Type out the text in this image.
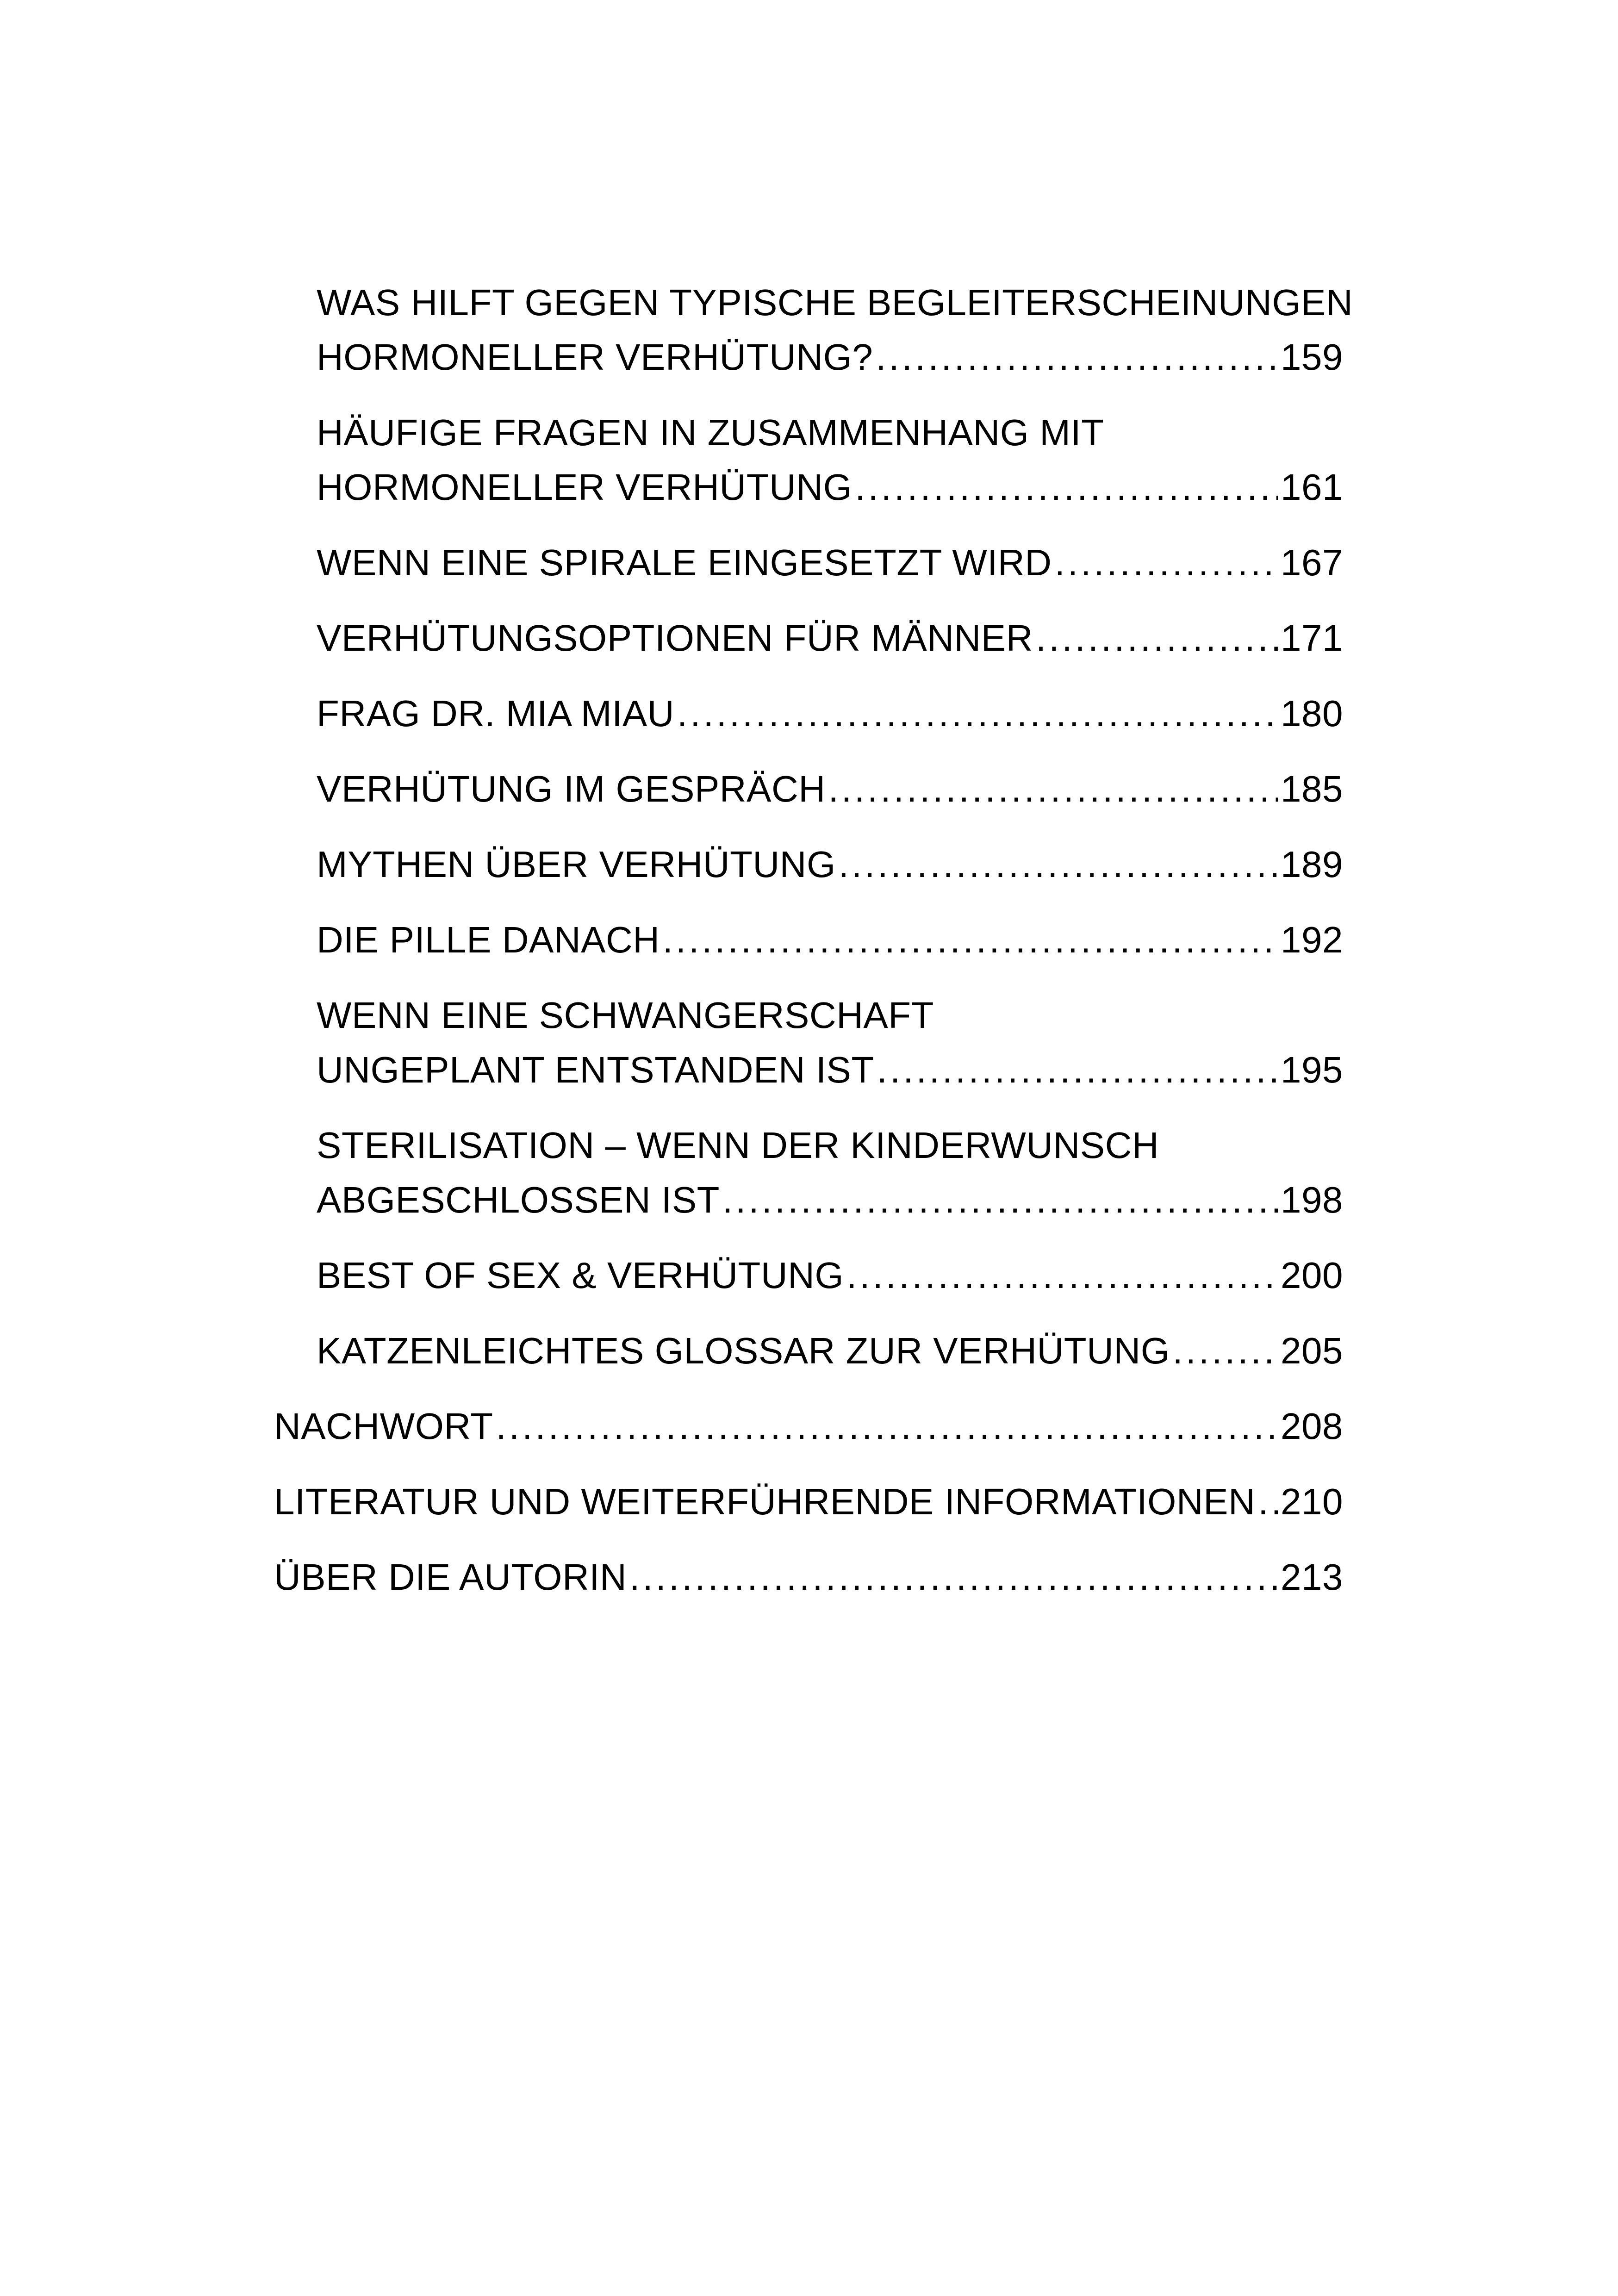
WAS HILFT GEGEN TYPISCHE BEGLEITERSCHEINUNGEN
HORMONELLER VERHÜTUNG? .....	159
HÄUFIGE FRAGEN IN ZUSAMMENHANG MIT
HORMONELLER VERHÜTUNG .....	161
WENN EINE SPIRALE EINGESETZT WIRD .....	167
VERHÜTUNGSOPTIONEN FÜR MÄNNER .....	171
FRAG DR. MIA MIAU .....	180
VERHÜTUNG IM GESPRÄCH .....	185
MYTHEN ÜBER VERHÜTUNG .....	189
DIE PILLE DANACH .....	192
WENN EINE SCHWANGERSCHAFT
UNGEPLANT ENTSTANDEN IST .....	195
STERILISATION – WENN DER KINDERWUNSCH
ABGESCHLOSSEN IST .....	198
BEST OF SEX & VERHÜTUNG .....	200
KATZENLEICHTES GLOSSAR ZUR VERHÜTUNG .....	205
NACHWORT .....	208
LITERATUR UND WEITERFÜHRENDE INFORMATIONEN ..... 210
ÜBER DIE AUTORIN .....	213
